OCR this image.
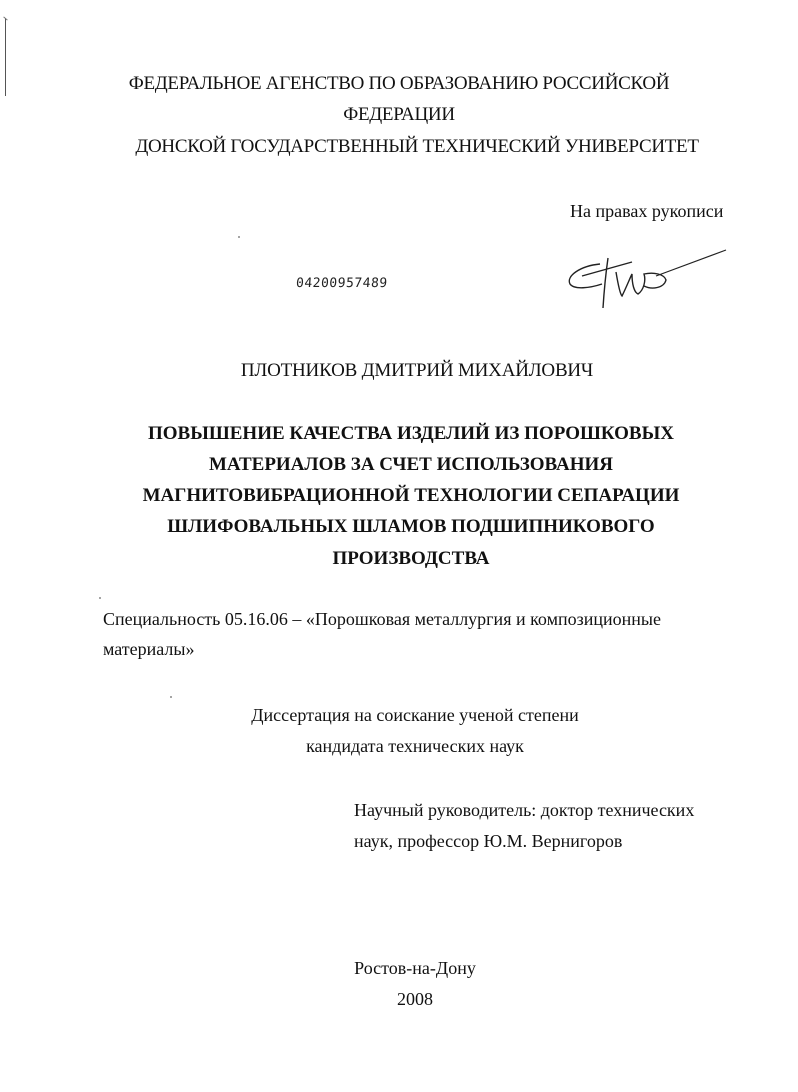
ФЕДЕРАЛЬНОЕ АГЕНСТВО ПО ОБРАЗОВАНИЮ РОССИЙСКОЙ
ФЕДЕРАЦИИ
ДОНСКОЙ ГОСУДАРСТВЕННЫЙ ТЕХНИЧЕСКИЙ УНИВЕРСИТЕТ
На правах рукописи
04200957489
ПЛОТНИКОВ ДМИТРИЙ МИХАЙЛОВИЧ
ПОВЫШЕНИЕ КАЧЕСТВА ИЗДЕЛИЙ ИЗ ПОРОШКОВЫХ
МАТЕРИАЛОВ ЗА СЧЕТ ИСПОЛЬЗОВАНИЯ
МАГНИТОВИБРАЦИОННОЙ ТЕХНОЛОГИИ СЕПАРАЦИИ
ШЛИФОВАЛЬНЫХ ШЛАМОВ ПОДШИПНИКОВОГО
ПРОИЗВОДСТВА
Специальность 05.16.06 – «Порошковая металлургия и композиционные
материалы»
Диссертация на соискание ученой степени
кандидата технических наук
Научный руководитель: доктор технических
наук, профессор Ю.М. Вернигоров
Ростов-на-Дону
2008
